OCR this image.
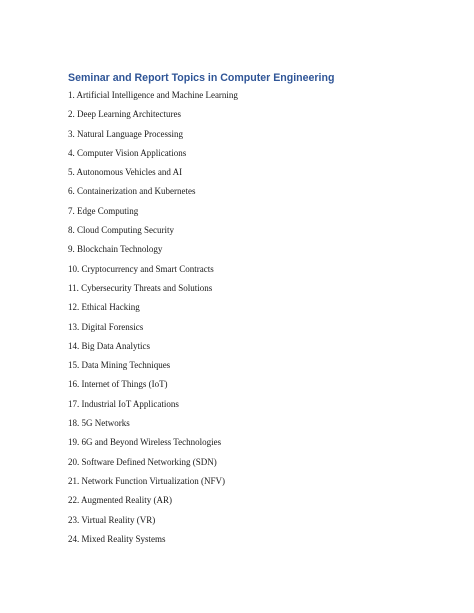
Seminar and Report Topics in Computer Engineering
1. Artificial Intelligence and Machine Learning
2. Deep Learning Architectures
3. Natural Language Processing
4. Computer Vision Applications
5. Autonomous Vehicles and AI
6. Containerization and Kubernetes
7. Edge Computing
8. Cloud Computing Security
9. Blockchain Technology
10. Cryptocurrency and Smart Contracts
11. Cybersecurity Threats and Solutions
12. Ethical Hacking
13. Digital Forensics
14. Big Data Analytics
15. Data Mining Techniques
16. Internet of Things (IoT)
17. Industrial IoT Applications
18. 5G Networks
19. 6G and Beyond Wireless Technologies
20. Software Defined Networking (SDN)
21. Network Function Virtualization (NFV)
22. Augmented Reality (AR)
23. Virtual Reality (VR)
24. Mixed Reality Systems
